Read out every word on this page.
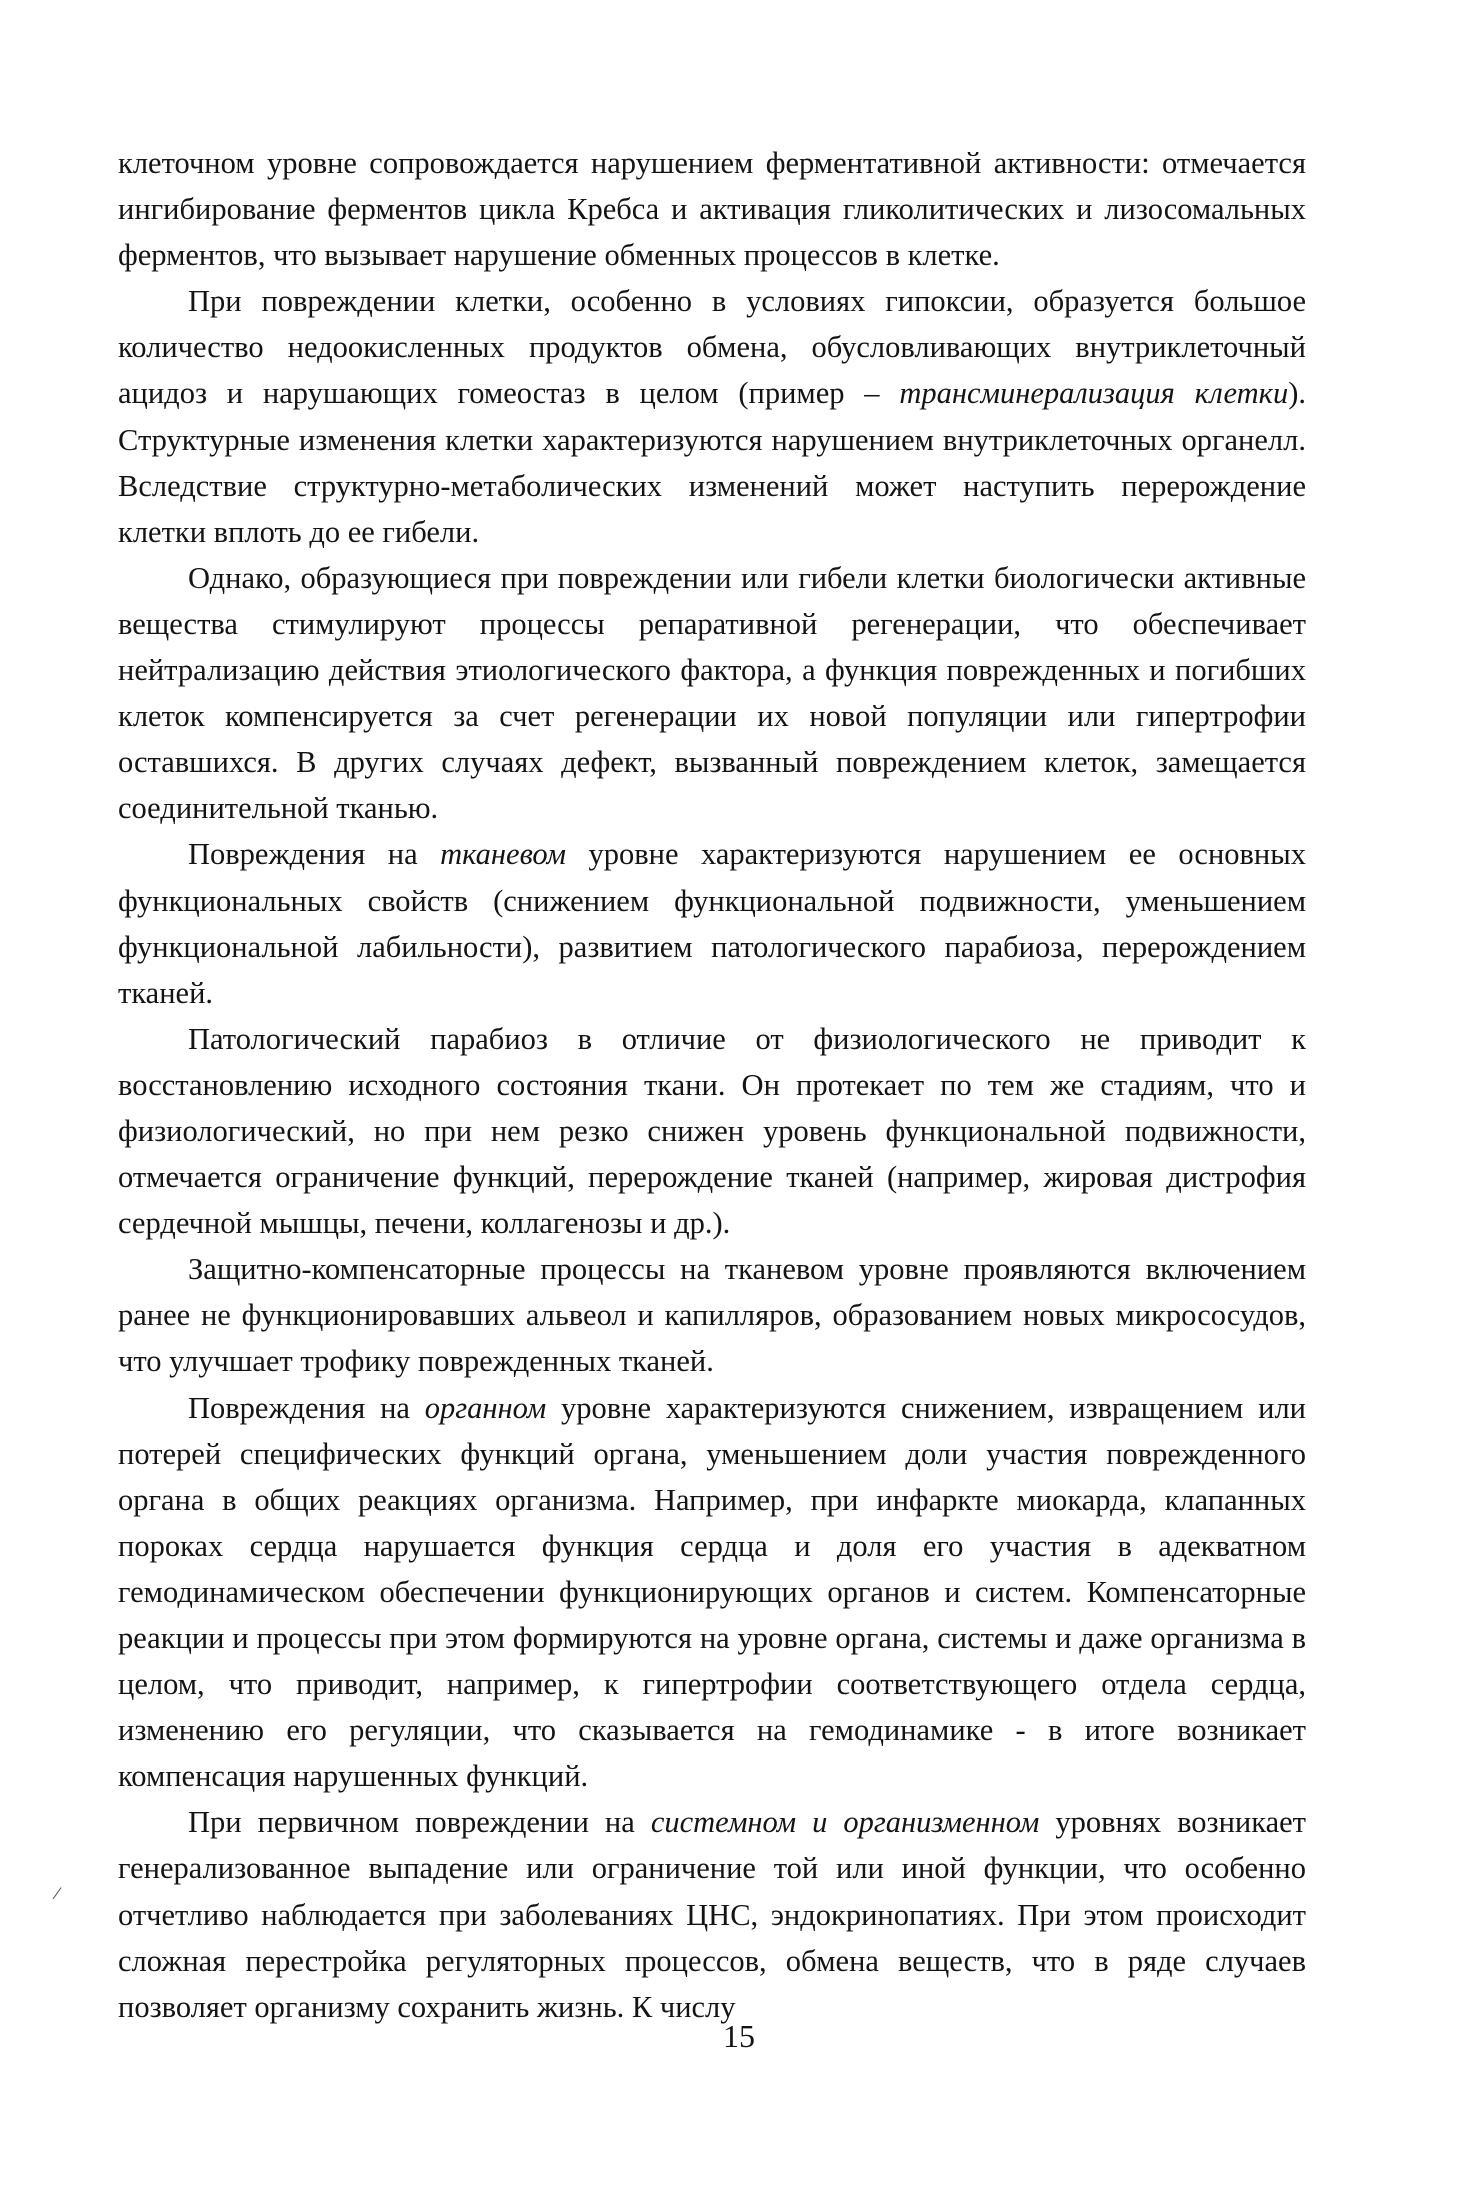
клеточном уровне сопровождается нарушением ферментативной активности: отмечается ингибирование ферментов цикла Кребса и активация гликолитических и лизосомальных ферментов, что вызывает нарушение обменных процессов в клетке.

При повреждении клетки, особенно в условиях гипоксии, образуется большое количество недоокисленных продуктов обмена, обусловливающих внутриклеточный ацидоз и нарушающих гомеостаз в целом (пример – трансминерализация клетки). Структурные изменения клетки характеризуются нарушением внутриклеточных органелл. Вследствие структурно-метаболических изменений может наступить перерождение клетки вплоть до ее гибели.

Однако, образующиеся при повреждении или гибели клетки биологически активные вещества стимулируют процессы репаративной регенерации, что обеспечивает нейтрализацию действия этиологического фактора, а функция поврежденных и погибших клеток компенсируется за счет регенерации их новой популяции или гипертрофии оставшихся. В других случаях дефект, вызванный повреждением клеток, замещается соединительной тканью.

Повреждения на тканевом уровне характеризуются нарушением ее основных функциональных свойств (снижением функциональной подвижности, уменьшением функциональной лабильности), развитием патологического парабиоза, перерождением тканей.

Патологический парабиоз в отличие от физиологического не приводит к восстановлению исходного состояния ткани. Он протекает по тем же стадиям, что и физиологический, но при нем резко снижен уровень функциональной подвижности, отмечается ограничение функций, перерождение тканей (например, жировая дистрофия сердечной мышцы, печени, коллагенозы и др.).

Защитно-компенсаторные процессы на тканевом уровне проявляются включением ранее не функционировавших альвеол и капилляров, образованием новых микрососудов, что улучшает трофику поврежденных тканей.

Повреждения на органном уровне характеризуются снижением, извращением или потерей специфических функций органа, уменьшением доли участия поврежденного органа в общих реакциях организма. Например, при инфаркте миокарда, клапанных пороках сердца нарушается функция сердца и доля его участия в адекватном гемодинамическом обеспечении функционирующих органов и систем. Компенсаторные реакции и процессы при этом формируются на уровне органа, системы и даже организма в целом, что приводит, например, к гипертрофии соответствующего отдела сердца, изменению его регуляции, что сказывается на гемодинамике - в итоге возникает компенсация нарушенных функций.

При первичном повреждении на системном и организменном уровнях возникает генерализованное выпадение или ограничение той или иной функции, что особенно отчетливо наблюдается при заболеваниях ЦНС, эндокринопатиях. При этом происходит сложная перестройка регуляторных процессов, обмена веществ, что в ряде случаев позволяет организму сохранить жизнь. К числу

15
